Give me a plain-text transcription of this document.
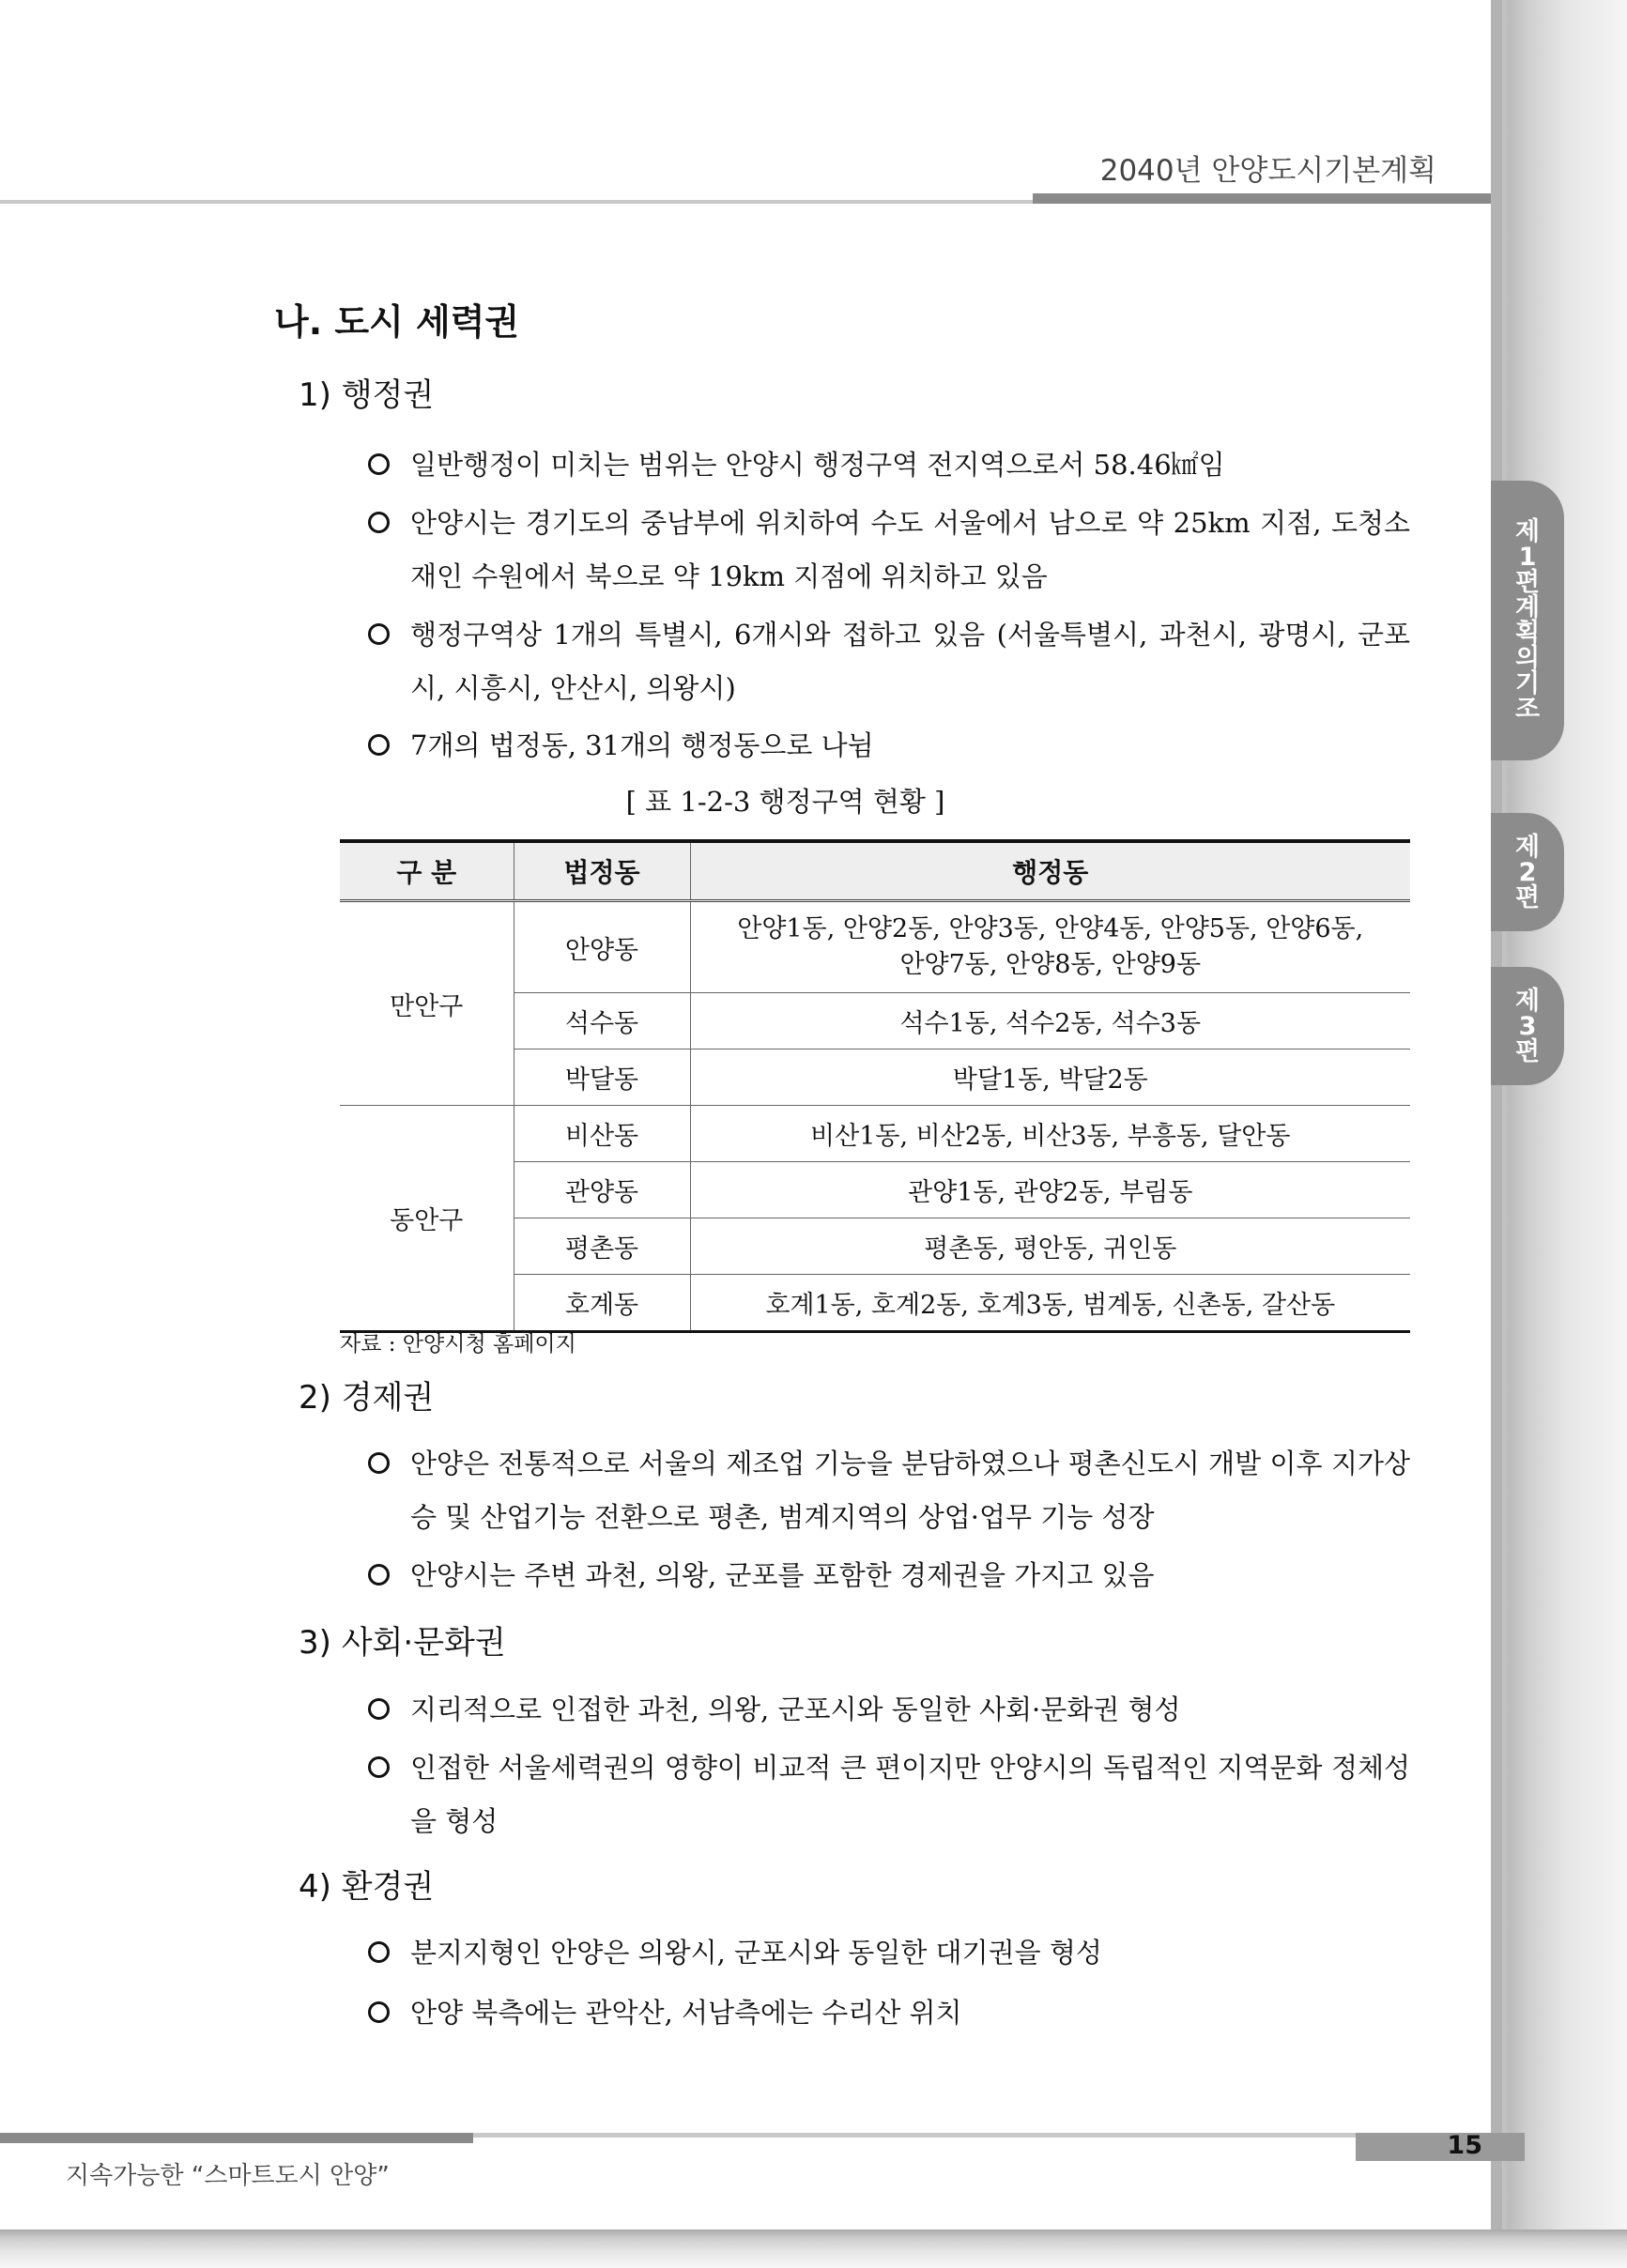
2040년 안양도시기본계획
제
1
편
계
획
의
기
조
제
2
편
제
3
편
나. 도시 세력권
1) 행정권
일반행정이 미치는 범위는 안양시 행정구역 전지역으로서 58.46㎢임
안양시는 경기도의 중남부에 위치하여 수도 서울에서 남으로 약 25km 지점, 도청소재인 수원에서 북으로 약 19km 지점에 위치하고 있음
행정구역상 1개의 특별시, 6개시와 접하고 있음 (서울특별시, 과천시, 광명시, 군포시, 시흥시, 안산시, 의왕시)
7개의 법정동, 31개의 행정동으로 나뉨
[ 표 1-2-3 행정구역 현황 ]
구 분	법정동	행정동
만안구	안양동	안양1동, 안양2동, 안양3동, 안양4동, 안양5동, 안양6동,
안양7동, 안양8동, 안양9동

	석수동	석수1동, 석수2동, 석수3동
	박달동	박달1동, 박달2동
동안구	비산동	비산1동, 비산2동, 비산3동, 부흥동, 달안동
	관양동	관양1동, 관양2동, 부림동
	평촌동	평촌동, 평안동, 귀인동
	호계동	호계1동, 호계2동, 호계3동, 범계동, 신촌동, 갈산동
자료 : 안양시청 홈페이지
2) 경제권
안양은 전통적으로 서울의 제조업 기능을 분담하였으나 평촌신도시 개발 이후 지가상승 및 산업기능 전환으로 평촌, 범계지역의 상업·업무 기능 성장
안양시는 주변 과천, 의왕, 군포를 포함한 경제권을 가지고 있음
3) 사회·문화권
지리적으로 인접한 과천, 의왕, 군포시와 동일한 사회·문화권 형성
인접한 서울세력권의 영향이 비교적 큰 편이지만 안양시의 독립적인 지역문화 정체성을 형성
4) 환경권
분지지형인 안양은 의왕시, 군포시와 동일한 대기권을 형성
안양 북측에는 관악산, 서남측에는 수리산 위치
15
지속가능한 “스마트도시 안양”
